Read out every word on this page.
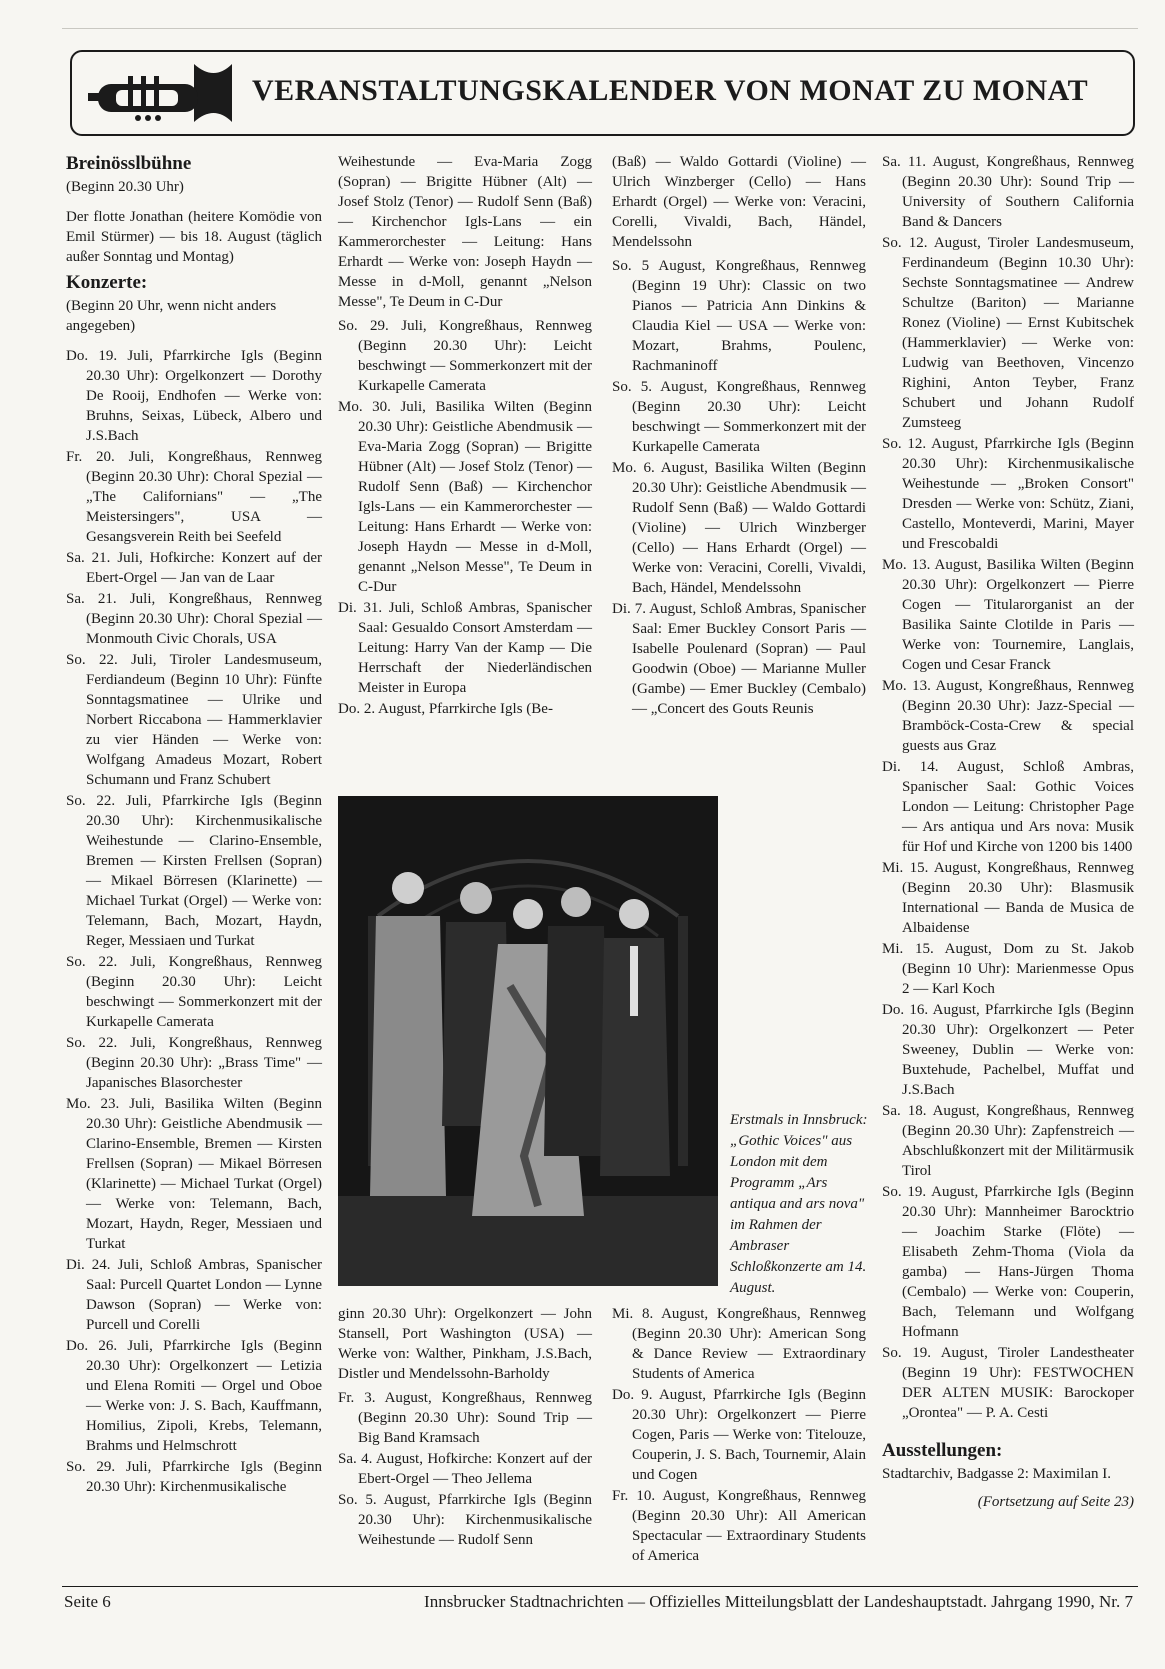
VERANSTALTUNGSKALENDER VON MONAT ZU MONAT
Breinösslbühne
(Beginn 20.30 Uhr)

Der flotte Jonathan (heitere Komödie von Emil Stürmer) — bis 18. August (täglich außer Sonntag und Montag)

Konzerte:
(Beginn 20 Uhr, wenn nicht anders angegeben)

Do. 19. Juli, Pfarrkirche Igls (Beginn 20.30 Uhr): Orgelkonzert — Dorothy De Rooij, Endhofen — Werke von: Bruhns, Seixas, Lübeck, Albero und J.S.Bach

Fr. 20. Juli, Kongreßhaus, Rennweg (Beginn 20.30 Uhr): Choral Spezial — „The Californians" — „The Meistersingers", USA — Gesangsverein Reith bei Seefeld

Sa. 21. Juli, Hofkirche: Konzert auf der Ebert-Orgel — Jan van de Laar

Sa. 21. Juli, Kongreßhaus, Rennweg (Beginn 20.30 Uhr): Choral Spezial — Monmouth Civic Chorals, USA

So. 22. Juli, Tiroler Landesmuseum, Ferdiandeum (Beginn 10 Uhr): Fünfte Sonntagsmatinee — Ulrike und Norbert Riccabona — Hammerklavier zu vier Händen — Werke von: Wolfgang Amadeus Mozart, Robert Schumann und Franz Schubert

So. 22. Juli, Pfarrkirche Igls (Beginn 20.30 Uhr): Kirchenmusikalische Weihestunde — Clarino-Ensemble, Bremen — Kirsten Frellsen (Sopran) — Mikael Börresen (Klarinette) — Michael Turkat (Orgel) — Werke von: Telemann, Bach, Mozart, Haydn, Reger, Messiaen und Turkat

So. 22. Juli, Kongreßhaus, Rennweg (Beginn 20.30 Uhr): Leicht beschwingt — Sommerkonzert mit der Kurkapelle Camerata

So. 22. Juli, Kongreßhaus, Rennweg (Beginn 20.30 Uhr): „Brass Time" — Japanisches Blasorchester

Mo. 23. Juli, Basilika Wilten (Beginn 20.30 Uhr): Geistliche Abendmusik — Clarino-Ensemble, Bremen — Kirsten Frellsen (Sopran) — Mikael Börresen (Klarinette) — Michael Turkat (Orgel) — Werke von: Telemann, Bach, Mozart, Haydn, Reger, Messiaen und Turkat

Di. 24. Juli, Schloß Ambras, Spanischer Saal: Purcell Quartet London — Lynne Dawson (Sopran) — Werke von: Purcell und Corelli

Do. 26. Juli, Pfarrkirche Igls (Beginn 20.30 Uhr): Orgelkonzert — Letizia und Elena Romiti — Orgel und Oboe — Werke von: J. S. Bach, Kauffmann, Homilius, Zipoli, Krebs, Telemann, Brahms und Helmschrott

So. 29. Juli, Pfarrkirche Igls (Beginn 20.30 Uhr): Kirchenmusikalische

Weihestunde — Eva-Maria Zogg (Sopran) — Brigitte Hübner (Alt) — Josef Stolz (Tenor) — Rudolf Senn (Baß) — Kirchenchor Igls-Lans — ein Kammerorchester — Leitung: Hans Erhardt — Werke von: Joseph Haydn — Messe in d-Moll, genannt „Nelson Messe", Te Deum in C-Dur

So. 29. Juli, Kongreßhaus, Rennweg (Beginn 20.30 Uhr): Leicht beschwingt — Sommerkonzert mit der Kurkapelle Camerata

Mo. 30. Juli, Basilika Wilten (Beginn 20.30 Uhr): Geistliche Abendmusik — Eva-Maria Zogg (Sopran) — Brigitte Hübner (Alt) — Josef Stolz (Tenor) — Rudolf Senn (Baß) — Kirchenchor Igls-Lans — ein Kammerorchester — Leitung: Hans Erhardt — Werke von: Joseph Haydn — Messe in d-Moll, genannt „Nelson Messe", Te Deum in C-Dur

Di. 31. Juli, Schloß Ambras, Spanischer Saal: Gesualdo Consort Amsterdam — Leitung: Harry Van der Kamp — Die Herrschaft der Niederländischen Meister in Europa

Do. 2. August, Pfarrkirche Igls (Be-

(Baß) — Waldo Gottardi (Violine) — Ulrich Winzberger (Cello) — Hans Erhardt (Orgel) — Werke von: Veracini, Corelli, Vivaldi, Bach, Händel, Mendelssohn

So. 5 August, Kongreßhaus, Rennweg (Beginn 19 Uhr): Classic on two Pianos — Patricia Ann Dinkins & Claudia Kiel — USA — Werke von: Mozart, Brahms, Poulenc, Rachmaninoff

So. 5. August, Kongreßhaus, Rennweg (Beginn 20.30 Uhr): Leicht beschwingt — Sommerkonzert mit der Kurkapelle Camerata

Mo. 6. August, Basilika Wilten (Beginn 20.30 Uhr): Geistliche Abendmusik — Rudolf Senn (Baß) — Waldo Gottardi (Violine) — Ulrich Winzberger (Cello) — Hans Erhardt (Orgel) — Werke von: Veracini, Corelli, Vivaldi, Bach, Händel, Mendelssohn

Di. 7. August, Schloß Ambras, Spanischer Saal: Emer Buckley Consort Paris — Isabelle Poulenard (Sopran) — Paul Goodwin (Oboe) — Marianne Muller (Gambe) — Emer Buckley (Cembalo) — „Concert des Gouts Reunis

Erstmals in Innsbruck: „Gothic Voices" aus London mit dem Programm „Ars antiqua and ars nova" im Rahmen der Ambraser Schloßkonzerte am 14. August.

ginn 20.30 Uhr): Orgelkonzert — John Stansell, Port Washington (USA) — Werke von: Walther, Pinkham, J.S.Bach, Distler und Mendelssohn-Barholdy

Fr. 3. August, Kongreßhaus, Rennweg (Beginn 20.30 Uhr): Sound Trip — Big Band Kramsach

Sa. 4. August, Hofkirche: Konzert auf der Ebert-Orgel — Theo Jellema

So. 5. August, Pfarrkirche Igls (Beginn 20.30 Uhr): Kirchenmusikalische Weihestunde — Rudolf Senn

Mi. 8. August, Kongreßhaus, Rennweg (Beginn 20.30 Uhr): American Song & Dance Review — Extraordinary Students of America

Do. 9. August, Pfarrkirche Igls (Beginn 20.30 Uhr): Orgelkonzert — Pierre Cogen, Paris — Werke von: Titelouze, Couperin, J. S. Bach, Tournemir, Alain und Cogen

Fr. 10. August, Kongreßhaus, Rennweg (Beginn 20.30 Uhr): All American Spectacular — Extraordinary Students of America

Sa. 11. August, Kongreßhaus, Rennweg (Beginn 20.30 Uhr): Sound Trip — University of Southern California Band & Dancers

So. 12. August, Tiroler Landesmuseum, Ferdinandeum (Beginn 10.30 Uhr): Sechste Sonntagsmatinee — Andrew Schultze (Bariton) — Marianne Ronez (Violine) — Ernst Kubitschek (Hammerklavier) — Werke von: Ludwig van Beethoven, Vincenzo Righini, Anton Teyber, Franz Schubert und Johann Rudolf Zumsteeg

So. 12. August, Pfarrkirche Igls (Beginn 20.30 Uhr): Kirchenmusikalische Weihestunde — „Broken Consort" Dresden — Werke von: Schütz, Ziani, Castello, Monteverdi, Marini, Mayer und Frescobaldi

Mo. 13. August, Basilika Wilten (Beginn 20.30 Uhr): Orgelkonzert — Pierre Cogen — Titularorganist an der Basilika Sainte Clotilde in Paris — Werke von: Tournemire, Langlais, Cogen und Cesar Franck

Mo. 13. August, Kongreßhaus, Rennweg (Beginn 20.30 Uhr): Jazz-Special — Bramböck-Costa-Crew & special guests aus Graz

Di. 14. August, Schloß Ambras, Spanischer Saal: Gothic Voices London — Leitung: Christopher Page — Ars antiqua und Ars nova: Musik für Hof und Kirche von 1200 bis 1400

Mi. 15. August, Kongreßhaus, Rennweg (Beginn 20.30 Uhr): Blasmusik International — Banda de Musica de Albaidense

Mi. 15. August, Dom zu St. Jakob (Beginn 10 Uhr): Marienmesse Opus 2 — Karl Koch

Do. 16. August, Pfarrkirche Igls (Beginn 20.30 Uhr): Orgelkonzert — Peter Sweeney, Dublin — Werke von: Buxtehude, Pachelbel, Muffat und J.S.Bach

Sa. 18. August, Kongreßhaus, Rennweg (Beginn 20.30 Uhr): Zapfenstreich — Abschlußkonzert mit der Militärmusik Tirol

So. 19. August, Pfarrkirche Igls (Beginn 20.30 Uhr): Mannheimer Barocktrio — Joachim Starke (Flöte) — Elisabeth Zehm-Thoma (Viola da gamba) — Hans-Jürgen Thoma (Cembalo) — Werke von: Couperin, Bach, Telemann und Wolfgang Hofmann

So. 19. August, Tiroler Landestheater (Beginn 19 Uhr): FESTWOCHEN DER ALTEN MUSIK: Barockoper „Orontea" — P. A. Cesti

Ausstellungen:

Stadtarchiv, Badgasse 2: Maximilan I.

(Fortsetzung auf Seite 23)
Seite 6	Innsbrucker Stadtnachrichten — Offizielles Mitteilungsblatt der Landeshauptstadt. Jahrgang 1990, Nr. 7
